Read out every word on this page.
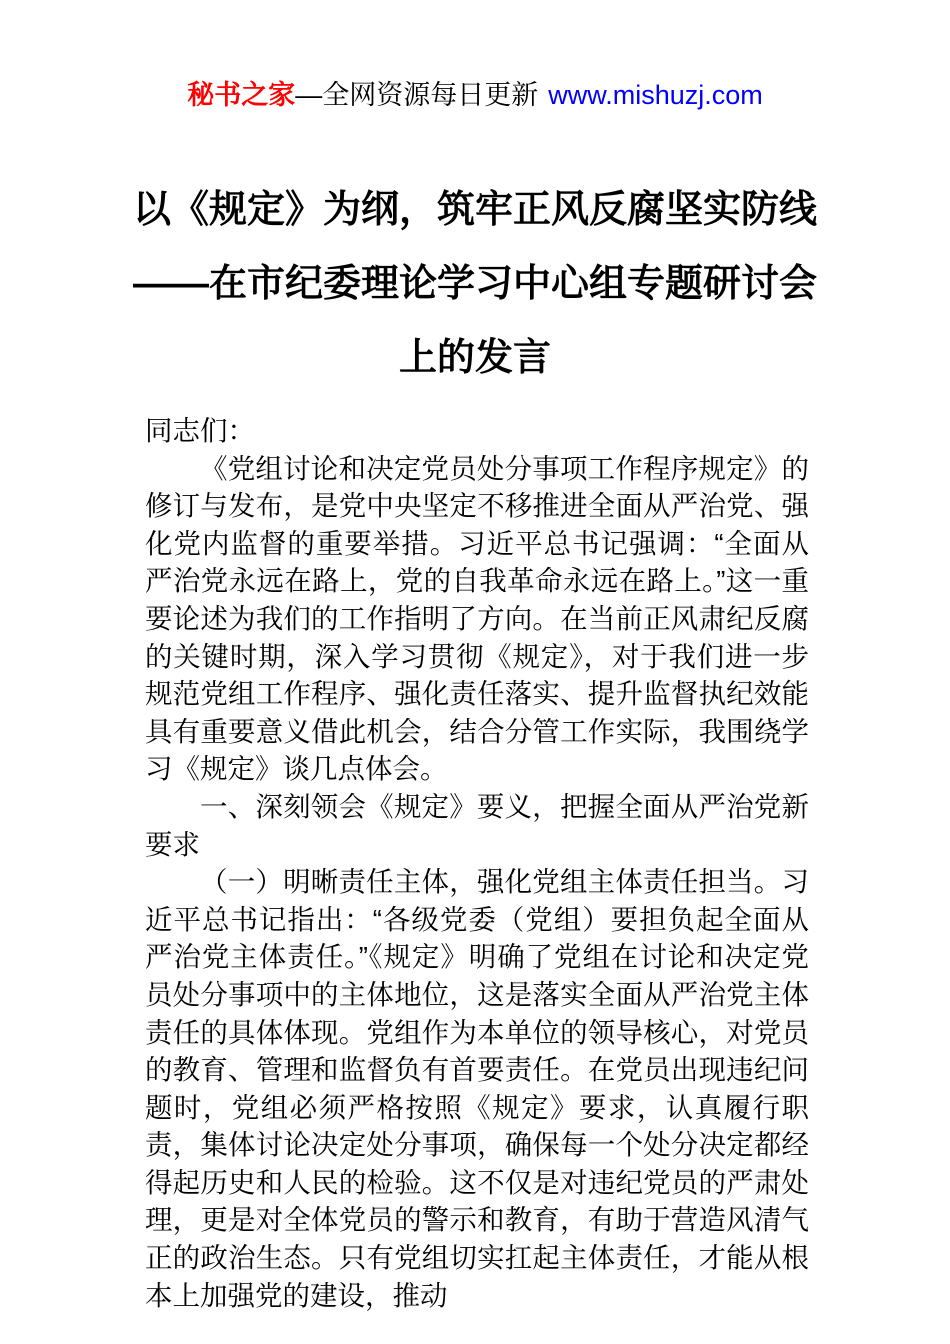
秘书之家—全网资源每日更新 www.mishuzj.com
以《规定》为纲，筑牢正风反腐坚实防线
——在市纪委理论学习中心组专题研讨会
上的发言

同志们：

《党组讨论和决定党员处分事项工作程序规定》的修订与发布，是党中央坚定不移推进全面从严治党、强化党内监督的重要举措。习近平总书记强调：“全面从严治党永远在路上，党的自我革命永远在路上。”这一重要论述为我们的工作指明了方向。在当前正风肃纪反腐的关键时期，深入学习贯彻《规定》，对于我们进一步规范党组工作程序、强化责任落实、提升监督执纪效能具有重要意义借此机会，结合分管工作实际，我围绕学习《规定》谈几点体会。

一、深刻领会《规定》要义，把握全面从严治党新要求

（一）明晰责任主体，强化党组主体责任担当。习近平总书记指出：“各级党委（党组）要担负起全面从严治党主体责任。”《规定》明确了党组在讨论和决定党员处分事项中的主体地位，这是落实全面从严治党主体责任的具体体现。党组作为本单位的领导核心，对党员的教育、管理和监督负有首要责任。在党员出现违纪问题时，党组必须严格按照《规定》要求，认真履行职责，集体讨论决定处分事项，确保每一个处分决定都经得起历史和人民的检验。这不仅是对违纪党员的严肃处理，更是对全体党员的警示和教育，有助于营造风清气正的政治生态。只有党组切实扛起主体责任，才能从根本上加强党的建设，推动
